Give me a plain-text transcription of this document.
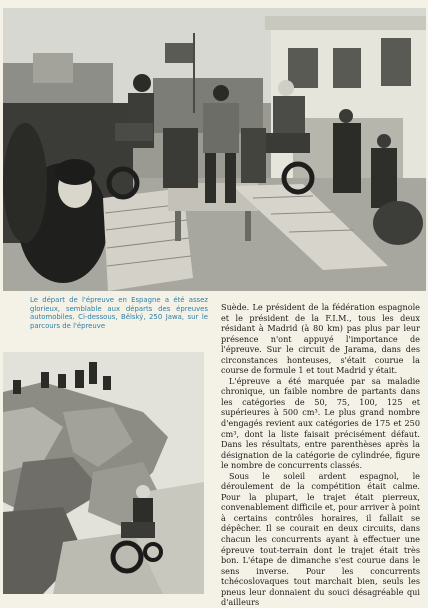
Le départ de l'épreuve en Espagne a été assez glorieux, semblable aux départs des épreuves automobiles. Ci-dessous, Bělský, 250 Jawa, sur le parcours de l'épreuve

Suède. Le président de la fédération espagnole et le président de la F.I.M., tous les deux résidant à Madrid (à 80 km) pas plus par leur présence n'ont appuyé l'importance de l'épreuve. Sur le circuit de Jarama, dans des circonstances honteuses, s'était courue la course de formule 1 et tout Madrid y était.

L'épreuve a été marquée par sa maladie chronique, un faible nombre de partants dans les catégories de 50, 75, 100, 125 et supérieures à 500 cm³. Le plus grand nombre d'engagés revient aux catégories de 175 et 250 cm³, dont la liste faisait précisément défaut. Dans les résultats, entre parenthèses après la désignation de la catégorie de cylindrée, figure le nombre de concurrents classés.

Sous le soleil ardent espagnol, le déroulement de la compétition était calme. Pour la plupart, le trajet était pierreux, convenablement difficile et, pour arriver à point à certains contrôles horaires, il fallait se dépêcher. Il se courait en deux circuits, dans chacun les concurrents ayant à effectuer une épreuve tout-terrain dont le trajet était très bon. L'étape de dimanche s'est courue dans le sens inverse. Pour les concurrents tchécoslovaques tout marchait bien, seuls les pneus leur donnaient du souci désagréable qui d'ailleurs
